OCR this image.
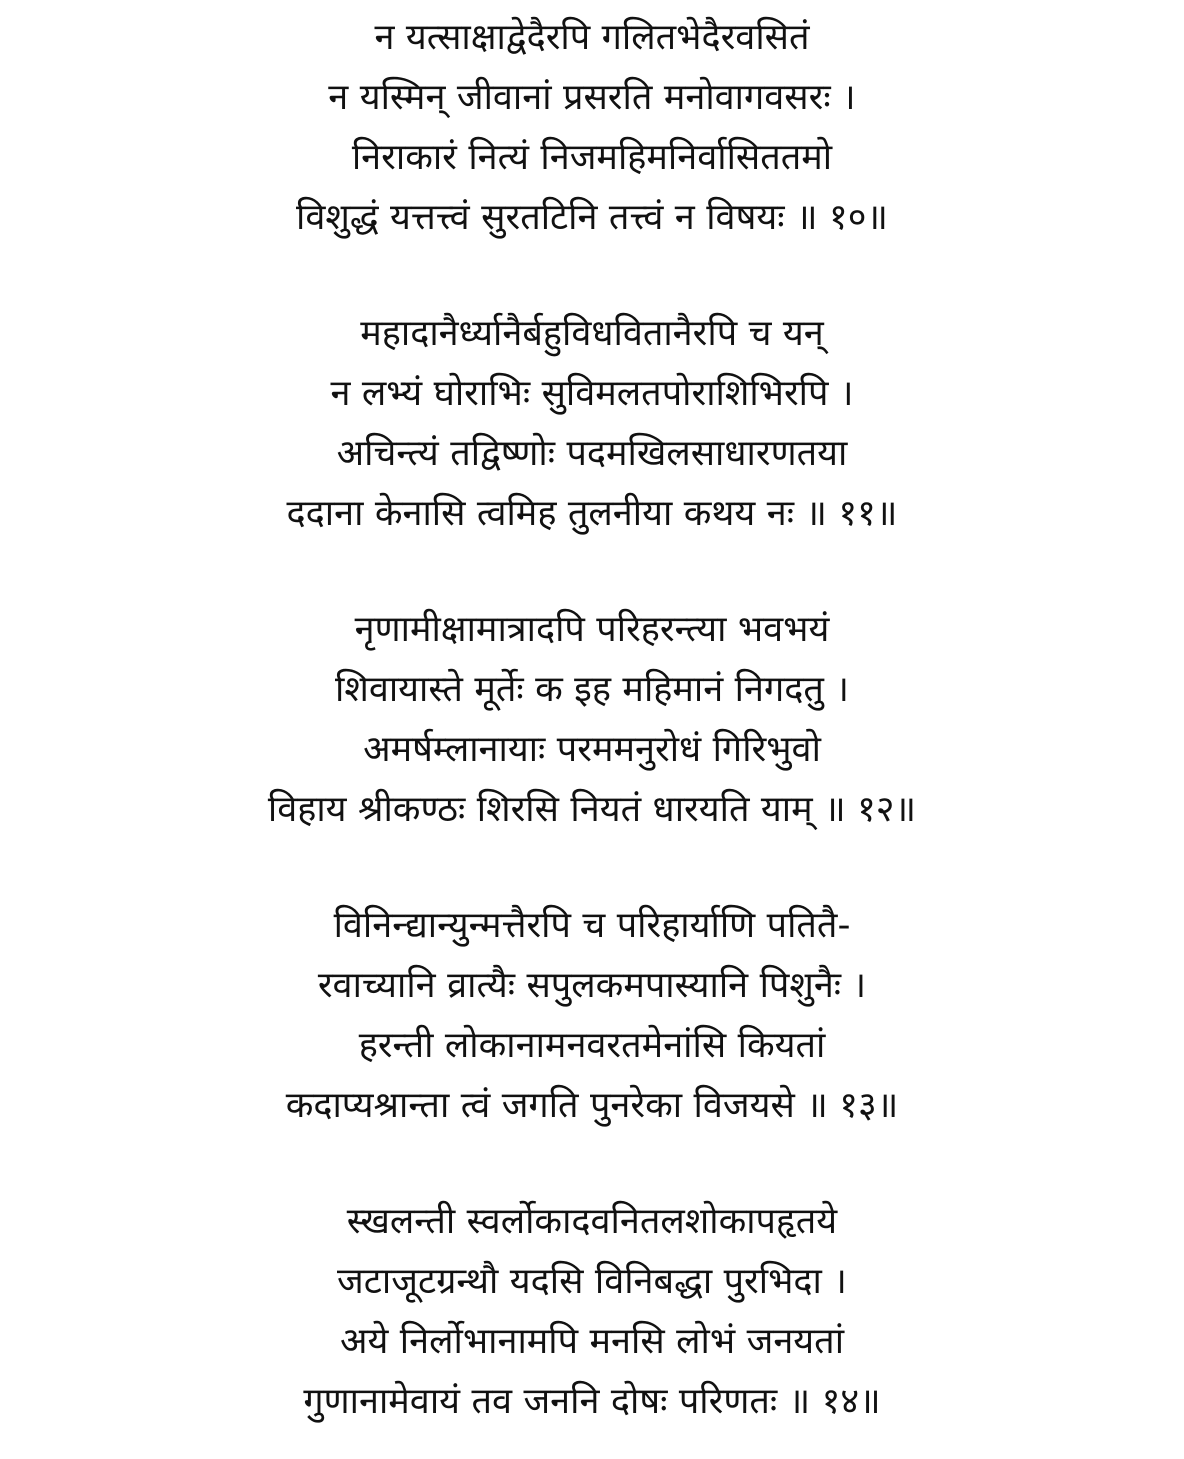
न यत्साक्षाद्वेदैरपि गलितभेदैरवसितं
न यस्मिन् जीवानां प्रसरति मनोवागवसरः ।
निराकारं नित्यं निजमहिमनिर्वासिततमो
विशुद्धं यत्तत्त्वं सुरतटिनि तत्त्वं न विषयः ॥ १०॥
महादानैर्ध्यानैर्बहुविधवितानैरपि च यन्
न लभ्यं घोराभिः सुविमलतपोराशिभिरपि ।
अचिन्त्यं तद्विष्णोः पदमखिलसाधारणतया
ददाना केनासि त्वमिह तुलनीया कथय नः ॥ ११॥
नृणामीक्षामात्रादपि परिहरन्त्या भवभयं
शिवायास्ते मूर्तेः क इह महिमानं निगदतु ।
अमर्षम्लानायाः परममनुरोधं गिरिभुवो
विहाय श्रीकण्ठः शिरसि नियतं धारयति याम् ॥ १२॥
विनिन्द्यान्युन्मत्तैरपि च परिहार्याणि पतितै-
रवाच्यानि व्रात्यैः सपुलकमपास्यानि पिशुनैः ।
हरन्ती लोकानामनवरतमेनांसि कियतां
कदाप्यश्रान्ता त्वं जगति पुनरेका विजयसे ॥ १३॥
स्खलन्ती स्वर्लोकादवनितलशोकापहृतये
जटाजूटग्रन्थौ यदसि विनिबद्धा पुरभिदा ।
अये निर्लोभानामपि मनसि लोभं जनयतां
गुणानामेवायं तव जननि दोषः परिणतः ॥ १४॥
